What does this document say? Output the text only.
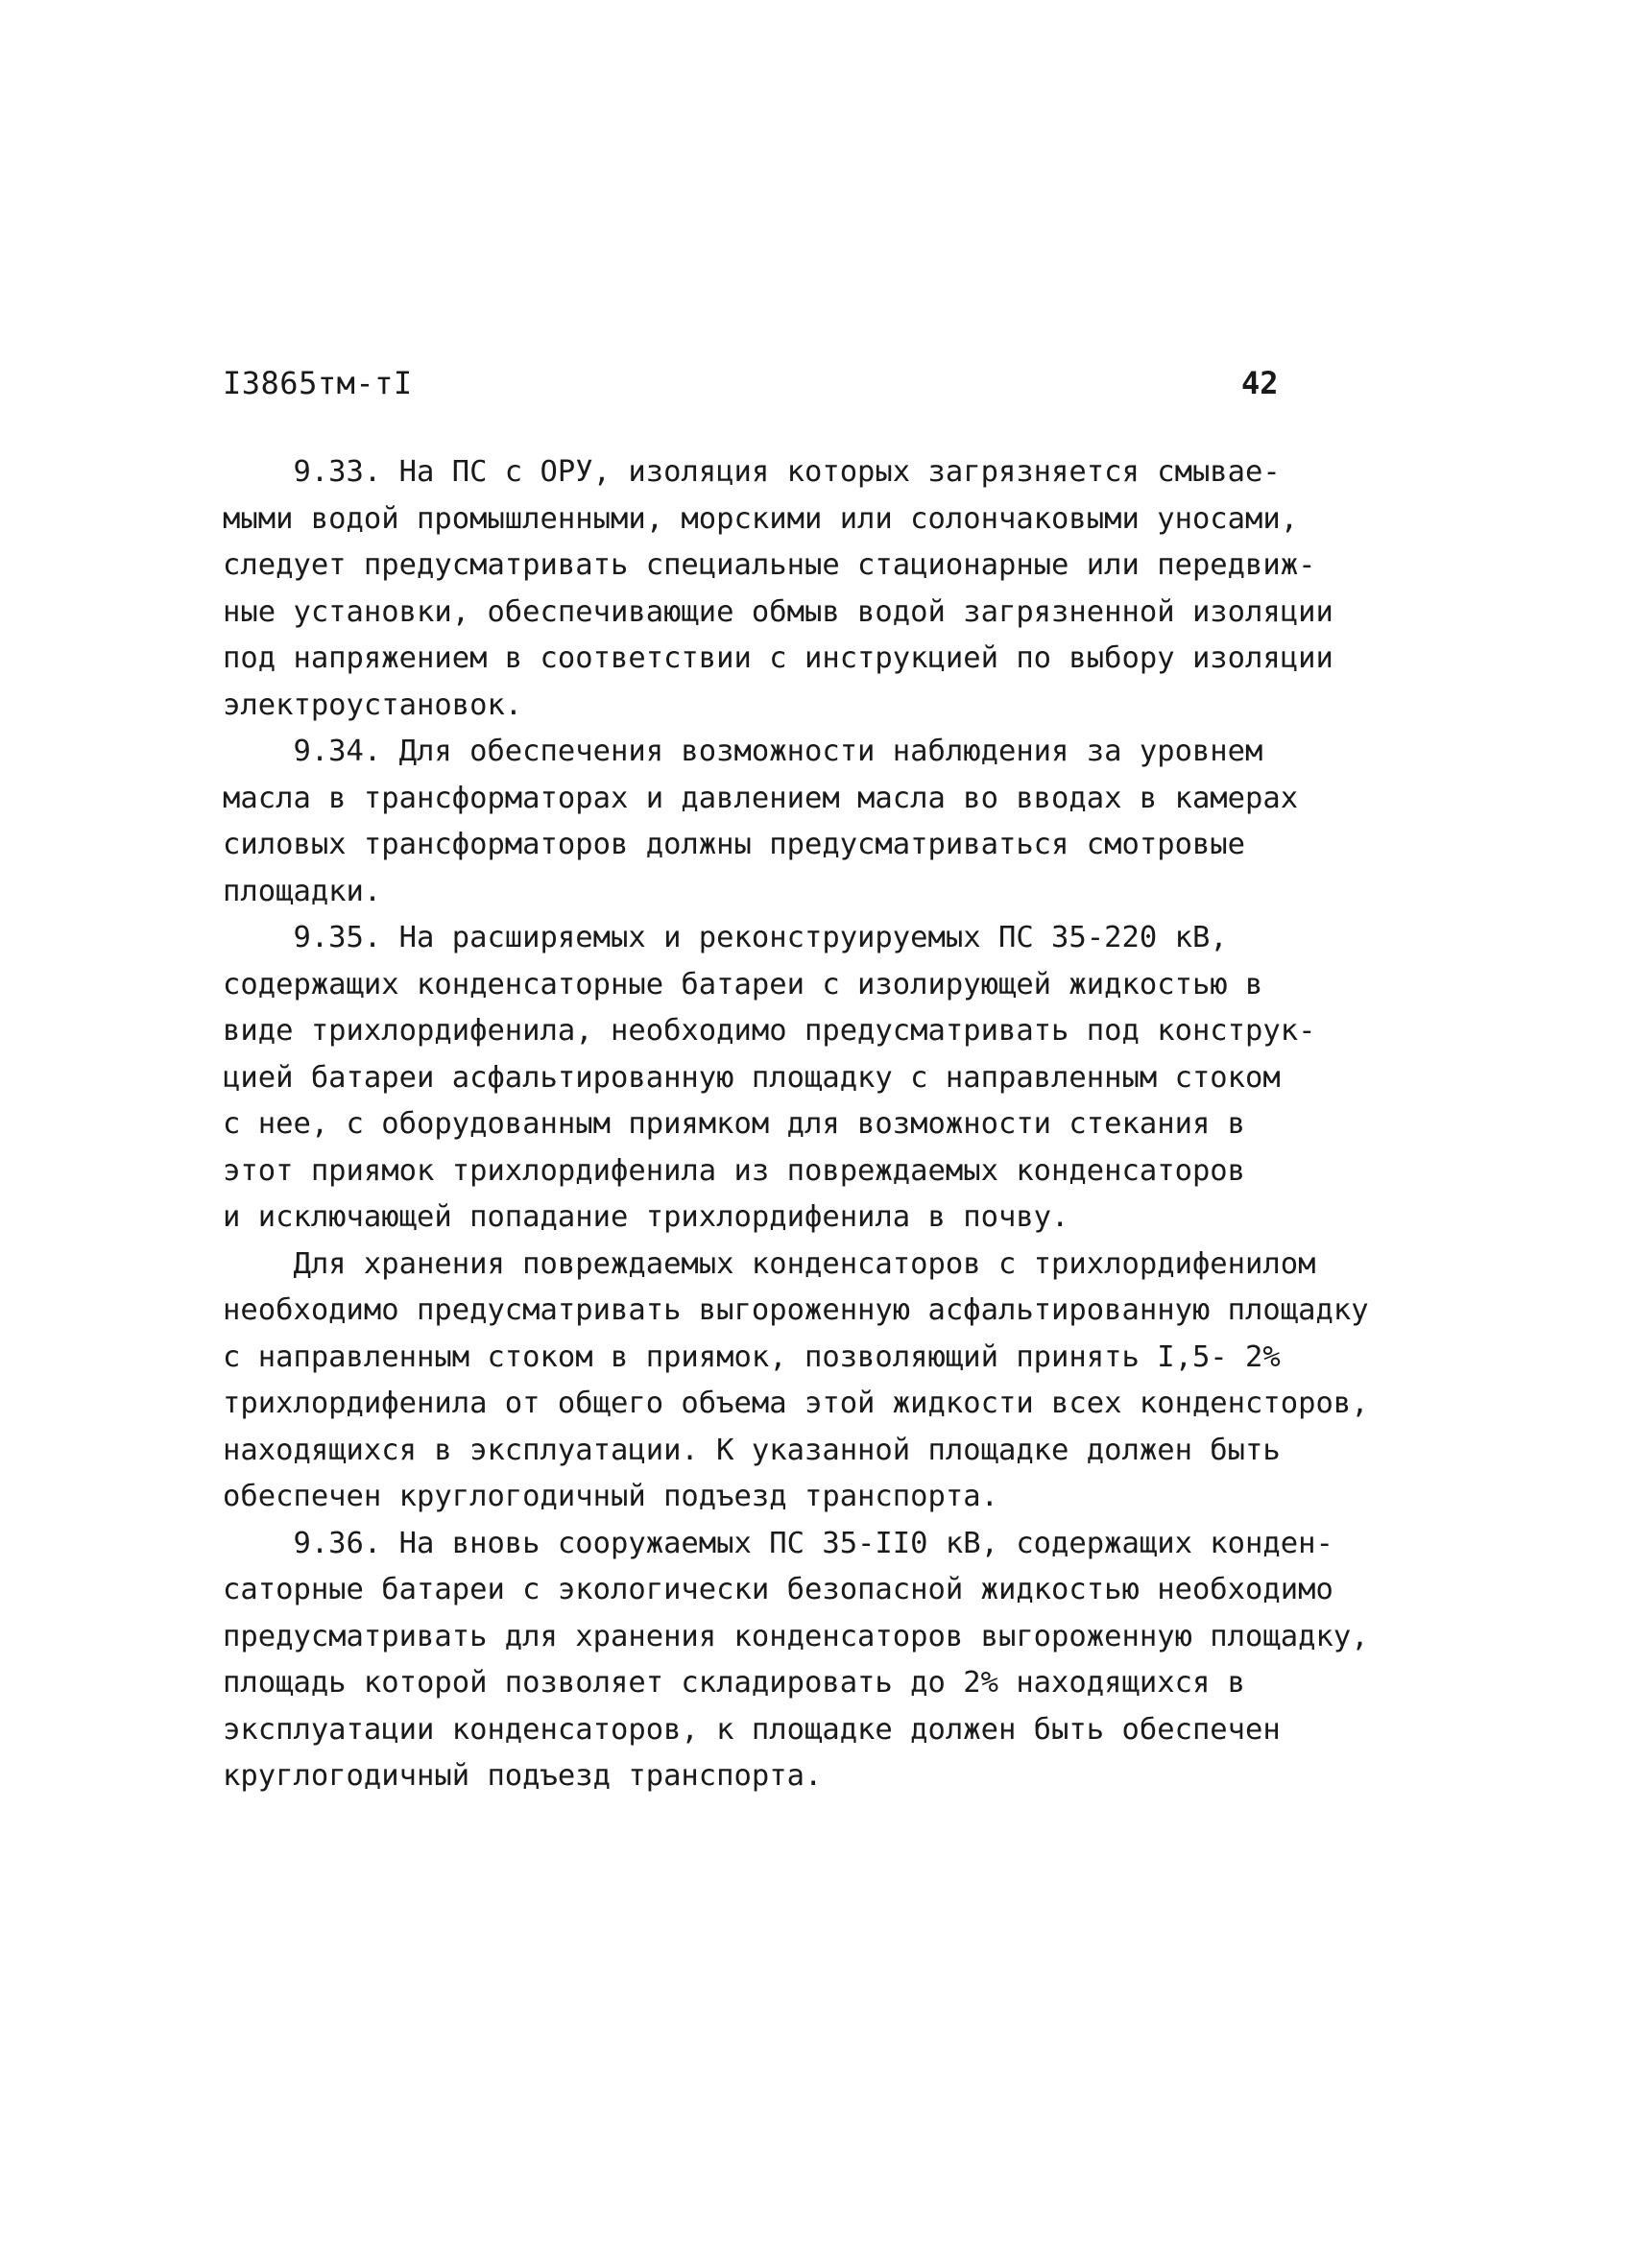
I3865тм-тI	42
9.33. На ПС с ОРУ, изоляция которых загрязняется смывае-
мыми водой промышленными, морскими или солончаковыми уносами,
следует предусматривать специальные стационарные или передвиж-
ные установки, обеспечивающие обмыв водой загрязненной изоляции
под напряжением в соответствии с инструкцией по выбору изоляции
электроустановок.
9.34. Для обеспечения возможности наблюдения за уровнем
масла в трансформаторах и давлением масла во вводах в камерах
силовых трансформаторов должны предусматриваться смотровые
площадки.
9.35. На расширяемых и реконструируемых ПС 35-220 кВ,
содержащих конденсаторные батареи с изолирующей жидкостью в
виде трихлордифенила, необходимо предусматривать под конструк-
цией батареи асфальтированную площадку с направленным стоком
с нее, с оборудованным приямком для возможности стекания в
этот приямок трихлордифенила из повреждаемых конденсаторов
и исключающей попадание трихлордифенила в почву.
Для хранения повреждаемых конденсаторов с трихлордифенилом
необходимо предусматривать выгороженную асфальтированную площадку
с направленным стоком в приямок, позволяющий принять I,5- 2%
трихлордифенила от общего объема этой жидкости всех конденсторов,
находящихся в эксплуатации. К указанной площадке должен быть
обеспечен круглогодичный подъезд транспорта.
9.36. На вновь сооружаемых ПС 35-II0 кВ, содержащих конден-
саторные батареи с экологически безопасной жидкостью необходимо
предусматривать для хранения конденсаторов выгороженную площадку,
площадь которой позволяет складировать до 2% находящихся в
эксплуатации конденсаторов, к площадке должен быть обеспечен
круглогодичный подъезд транспорта.
